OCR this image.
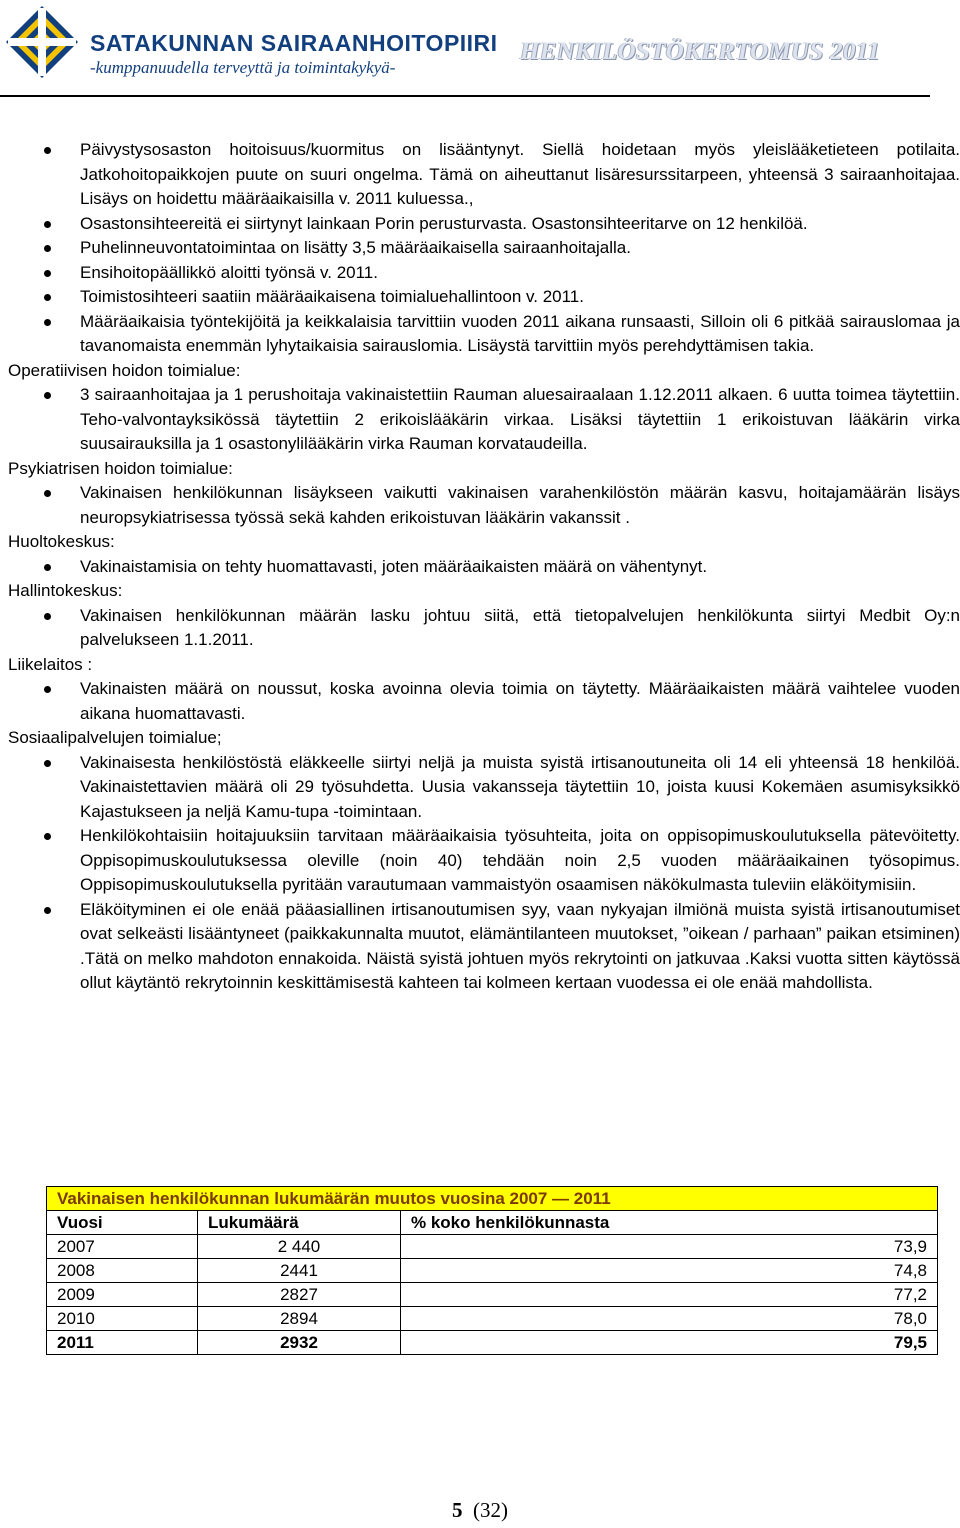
SATAKUNNAN SAIRAANHOITOPIIRI

-kumppanuudella terveyttä ja toimintakykyä-

HENKILÖSTÖKERTOMUS 2011

Päivystysosaston hoitoisuus/kuormitus on lisääntynyt. Siellä hoidetaan myös yleislääketieteen potilaita. Jatkohoitopaikkojen puute on suuri ongelma. Tämä on aiheuttanut lisäresurssitarpeen, yhteensä 3 sairaanhoitajaa. Lisäys on hoidettu määräaikaisilla v. 2011 kuluessa.,
Osastonsihteereitä ei siirtynyt lainkaan Porin perusturvasta. Osastonsihteeritarve on 12 henkilöä.
Puhelinneuvontatoimintaa on lisätty 3,5 määräaikaisella sairaanhoitajalla.
Ensihoitopäällikkö aloitti työnsä v. 2011.
Toimistosihteeri saatiin määräaikaisena toimialuehallintoon v. 2011.
Määräaikaisia työntekijöitä ja keikkalaisia tarvittiin vuoden 2011 aikana runsaasti, Silloin oli 6 pitkää sairauslomaa ja tavanomaista enemmän lyhytaikaisia sairauslomia. Lisäystä tarvittiin myös perehdyttämisen takia.

Operatiivisen hoidon toimialue:

3 sairaanhoitajaa ja 1 perushoitaja vakinaistettiin Rauman aluesairaalaan 1.12.2011 alkaen. 6 uutta toimea täytettiin. Teho-valvontayksikössä täytettiin 2 erikoislääkärin virkaa. Lisäksi täytettiin 1 erikoistuvan lääkärin virka suusairauksilla ja 1 osastonylilääkärin virka Rauman korvataudeilla.

Psykiatrisen hoidon toimialue:

Vakinaisen henkilökunnan lisäykseen vaikutti vakinaisen varahenkilöstön määrän kasvu, hoitajamäärän lisäys neuropsykiatrisessa työssä sekä kahden erikoistuvan lääkärin vakanssit .

Huoltokeskus:

Vakinaistamisia on tehty huomattavasti, joten määräaikaisten määrä on vähentynyt.

Hallintokeskus:

Vakinaisen henkilökunnan määrän lasku johtuu siitä, että tietopalvelujen henkilökunta siirtyi Medbit Oy:n palvelukseen 1.1.2011.

Liikelaitos :

Vakinaisten määrä on noussut, koska avoinna olevia toimia on täytetty. Määräaikaisten määrä vaihtelee vuoden aikana huomattavasti.

Sosiaalipalvelujen toimialue;

Vakinaisesta henkilöstöstä eläkkeelle siirtyi neljä ja muista syistä irtisanoutuneita oli 14 eli yhteensä 18 henkilöä. Vakinaistettavien määrä oli 29 työsuhdetta. Uusia vakansseja täytettiin 10, joista kuusi Kokemäen asumisyksikkö Kajastukseen ja neljä Kamu-tupa -toimintaan.
Henkilökohtaisiin hoitajuuksiin tarvitaan määräaikaisia työsuhteita, joita on oppisopimuskoulutuksella pätevöitetty. Oppisopimuskoulutuksessa oleville (noin 40) tehdään noin 2,5 vuoden määräaikainen työsopimus. Oppisopimuskoulutuksella pyritään varautumaan vammaistyön osaamisen näkökulmasta tuleviin eläköitymisiin.
Eläköityminen ei ole enää pääasiallinen irtisanoutumisen syy, vaan nykyajan ilmiönä muista syistä irtisanoutumiset ovat selkeästi lisääntyneet (paikkakunnalta muutot, elämäntilanteen muutokset, ”oikean / parhaan” paikan etsiminen) .Tätä on melko mahdoton ennakoida. Näistä syistä johtuen myös rekrytointi on jatkuvaa .Kaksi vuotta sitten käytössä ollut käytäntö rekrytoinnin keskittämisestä kahteen tai kolmeen kertaan vuodessa ei ole enää mahdollista.
Vakinaisen henkilökunnan lukumäärän muutos vuosina 2007 — 2011		
Vuosi	Lukumäärä	% koko henkilökunnasta
2007	2 440	73,9
2008	2441	74,8
2009	2827	77,2
2010	2894	78,0
2011	2932	79,5

5 (32)
